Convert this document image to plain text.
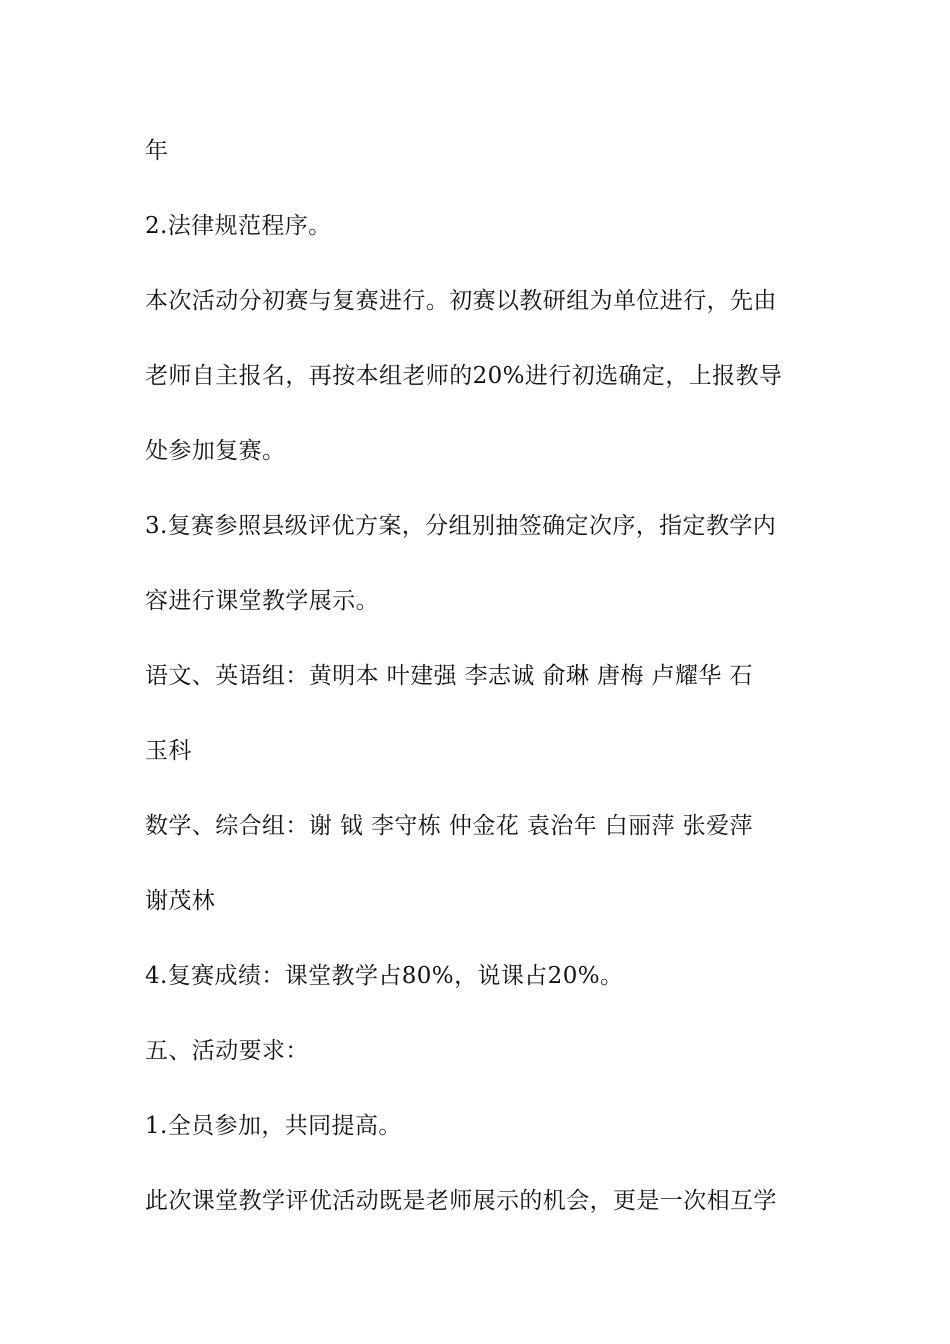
年
2.法律规范程序。
本次活动分初赛与复赛进行。初赛以教研组为单位进行，先由
老师自主报名，再按本组老师的20%进行初选确定，上报教导
处参加复赛。
3.复赛参照县级评优方案，分组别抽签确定次序，指定教学内
容进行课堂教学展示。
语文、英语组：黄明本 叶建强 李志诚 俞琳 唐梅 卢耀华 石
玉科
数学、综合组：谢 钺 李守栋 仲金花 袁治年 白丽萍 张爱萍
谢茂林
4.复赛成绩：课堂教学占80%，说课占20%。
五、活动要求：
1.全员参加，共同提高。
此次课堂教学评优活动既是老师展示的机会，更是一次相互学
